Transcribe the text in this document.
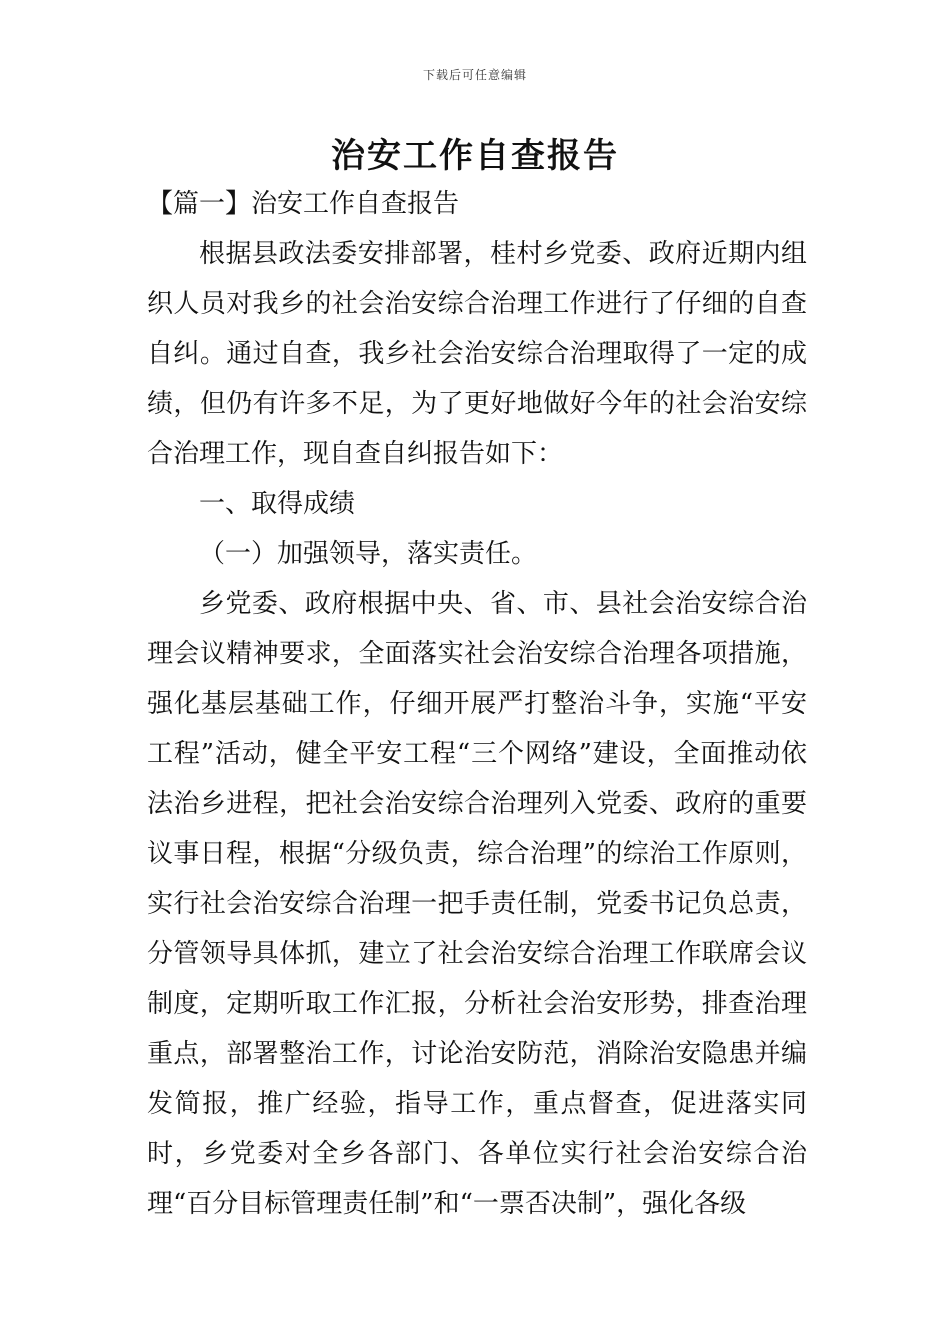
下载后可任意编辑
治安工作自查报告

【篇一】治安工作自查报告

根据县政法委安排部署，桂村乡党委、政府近期内组织人员对我乡的社会治安综合治理工作进行了仔细的自查自纠。通过自查，我乡社会治安综合治理取得了一定的成绩，但仍有许多不足，为了更好地做好今年的社会治安综合治理工作，现自查自纠报告如下：

一、取得成绩

（一）加强领导，落实责任。

乡党委、政府根据中央、省、市、县社会治安综合治理会议精神要求，全面落实社会治安综合治理各项措施，强化基层基础工作，仔细开展严打整治斗争，实施“平安工程”活动，健全平安工程“三个网络”建设，全面推动依法治乡进程，把社会治安综合治理列入党委、政府的重要议事日程，根据“分级负责，综合治理”的综治工作原则，实行社会治安综合治理一把手责任制，党委书记负总责，分管领导具体抓，建立了社会治安综合治理工作联席会议制度，定期听取工作汇报，分析社会治安形势，排查治理重点，部署整治工作，讨论治安防范，消除治安隐患并编发简报，推广经验，指导工作，重点督查，促进落实同时，乡党委对全乡各部门、各单位实行社会治安综合治理“百分目标管理责任制”和“一票否决制”，强化各级
